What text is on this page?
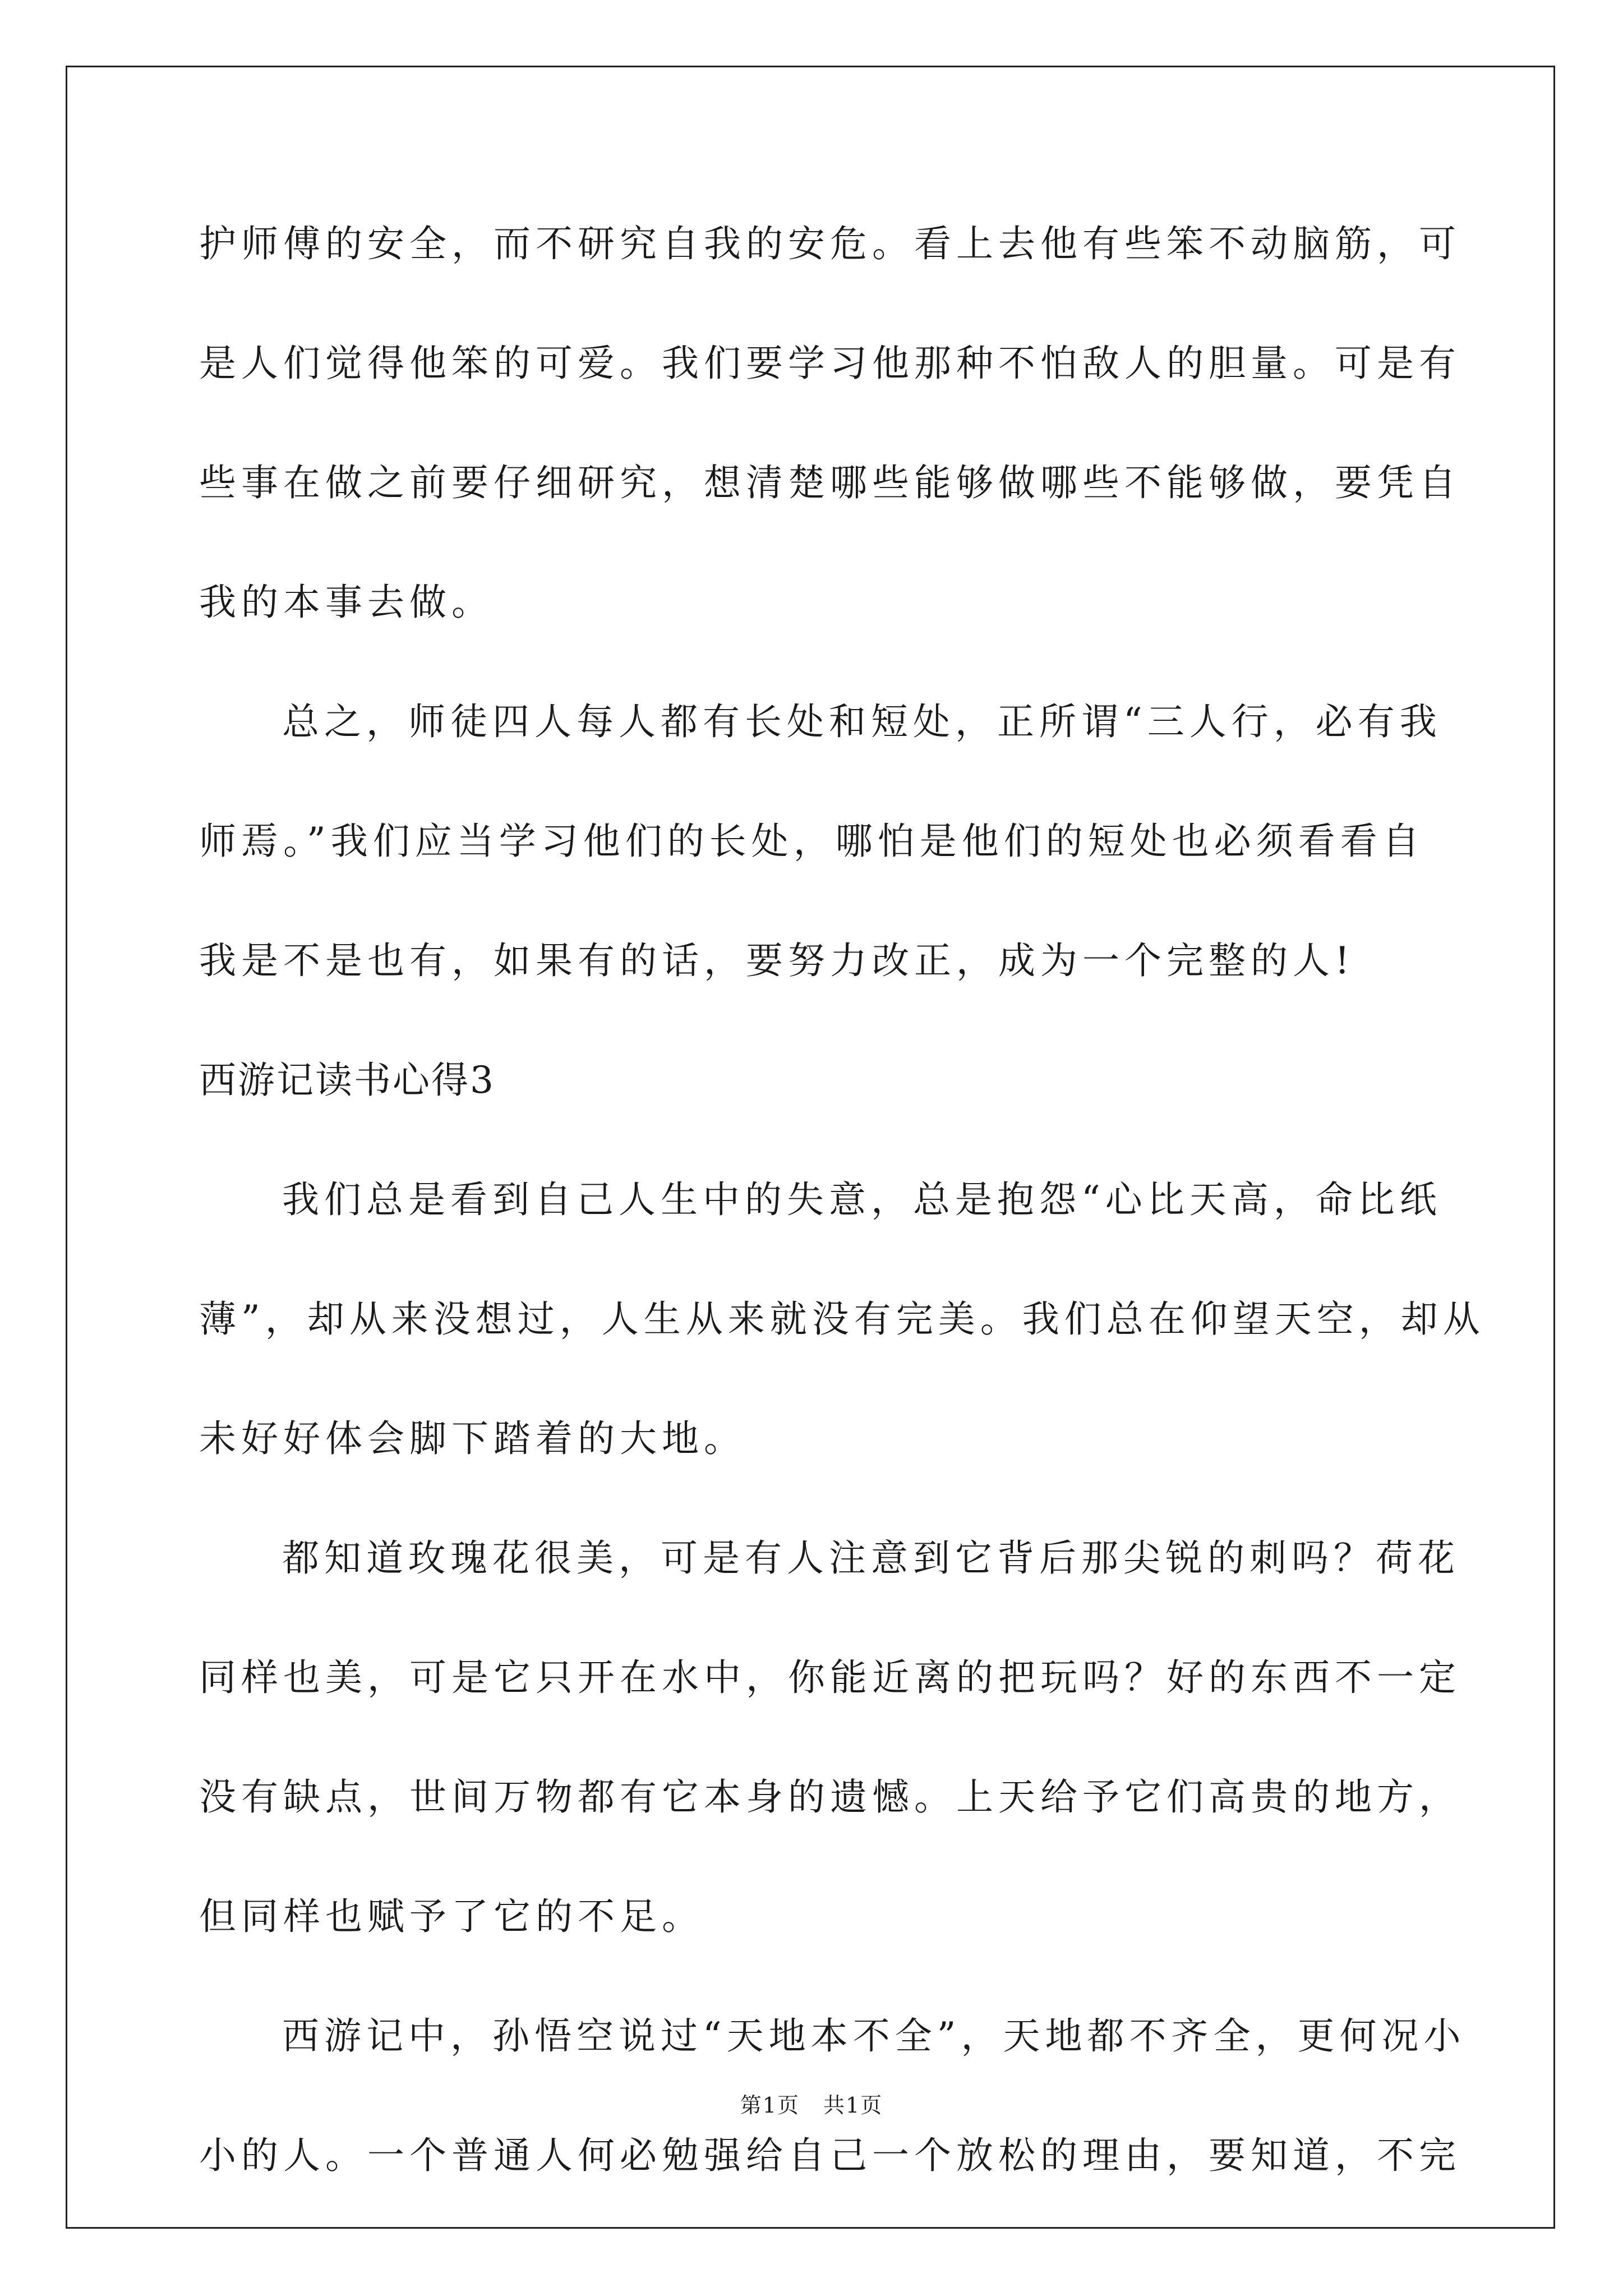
护师傅的安全，而不研究自我的安危。看上去他有些笨不动脑筋，可
是人们觉得他笨的可爱。我们要学习他那种不怕敌人的胆量。可是有
些事在做之前要仔细研究，想清楚哪些能够做哪些不能够做，要凭自
我的本事去做。
总之，师徒四人每人都有长处和短处，正所谓“三人行，必有我
师焉。”我们应当学习他们的长处，哪怕是他们的短处也必须看看自
我是不是也有，如果有的话，要努力改正，成为一个完整的人!
西游记读书心得3
我们总是看到自己人生中的失意，总是抱怨“心比天高，命比纸
薄”，却从来没想过，人生从来就没有完美。我们总在仰望天空，却从
未好好体会脚下踏着的大地。
都知道玫瑰花很美，可是有人注意到它背后那尖锐的刺吗？荷花
同样也美，可是它只开在水中，你能近离的把玩吗？好的东西不一定
没有缺点，世间万物都有它本身的遗憾。上天给予它们高贵的地方，
但同样也赋予了它的不足。
西游记中，孙悟空说过“天地本不全”，天地都不齐全，更何况小
小的人。一个普通人何必勉强给自己一个放松的理由，要知道，不完
第1页 共1页
